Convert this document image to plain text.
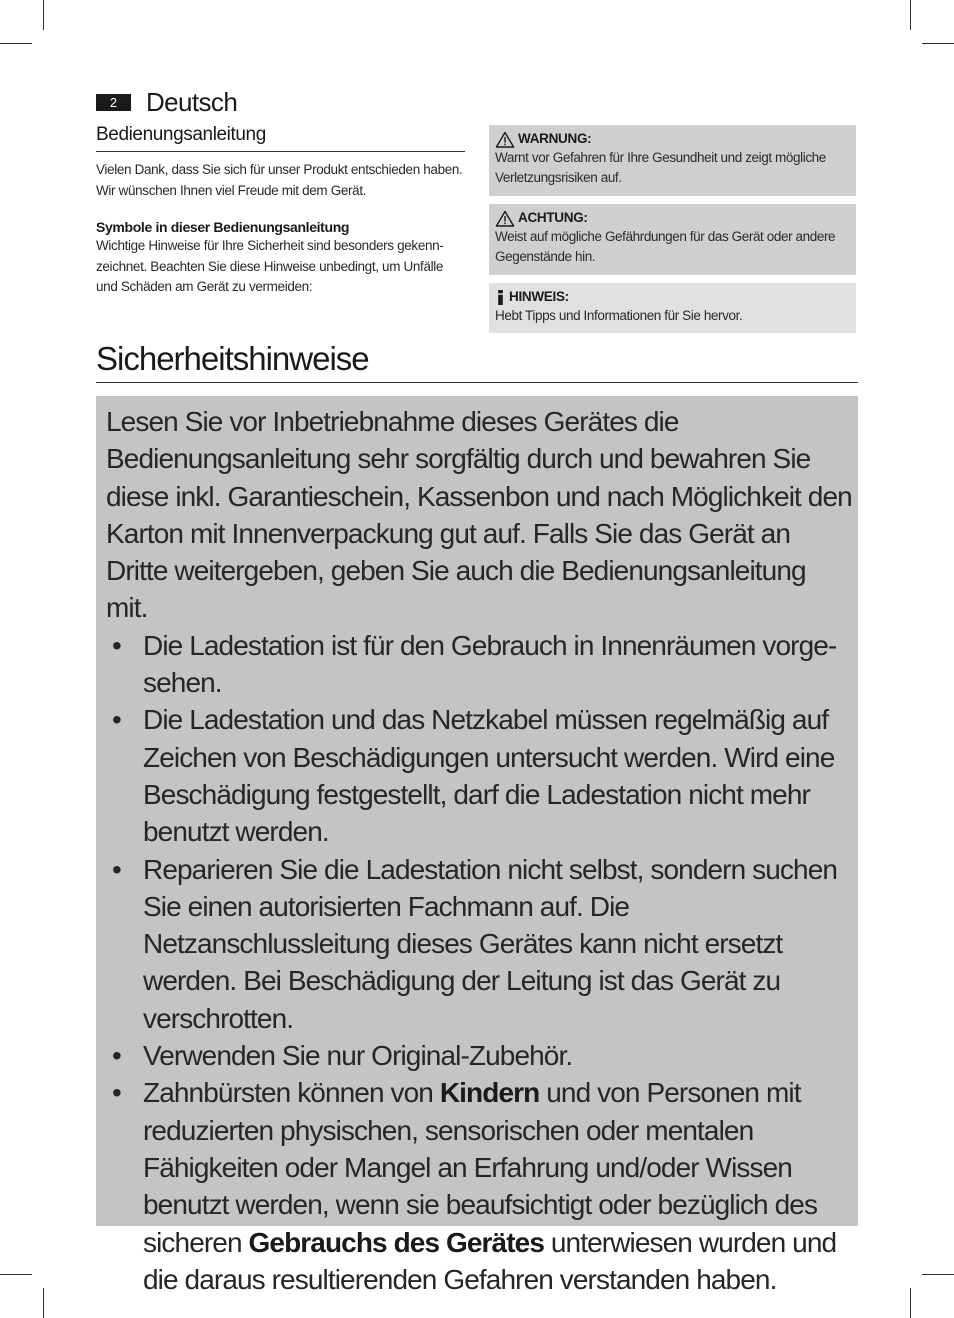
2	Deutsch
Bedienungsanleitung

Vielen Dank, dass Sie sich für unser Produkt entschieden haben. Wir wünschen Ihnen viel Freude mit dem Gerät.

Symbole in dieser Bedienungsanleitung

Wichtige Hinweise für Ihre Sicherheit sind besonders gekennzeichnet. Beachten Sie diese Hinweise unbedingt, um Unfälle und Schäden am Gerät zu vermeiden:

WARNUNG:
Warnt vor Gefahren für Ihre Gesundheit und zeigt mögliche Verletzungsrisiken auf.
ACHTUNG:
Weist auf mögliche Gefährdungen für das Gerät oder andere Gegenstände hin.
HINWEIS:
Hebt Tipps und Informationen für Sie hervor.
Sicherheitshinweise

Lesen Sie vor Inbetriebnahme dieses Gerätes die Bedienungsanleitung sehr sorgfältig durch und bewahren Sie diese inkl. Garantieschein, Kassenbon und nach Möglichkeit den Karton mit Innenverpackung gut auf. Falls Sie das Gerät an Dritte weitergeben, geben Sie auch die Bedienungsanleitung mit.

• Die Ladestation ist für den Gebrauch in Innenräumen vorgesehen.
• Die Ladestation und das Netzkabel müssen regelmäßig auf Zeichen von Beschädigungen untersucht werden. Wird eine Beschädigung festgestellt, darf die Ladestation nicht mehr benutzt werden.
• Reparieren Sie die Ladestation nicht selbst, sondern suchen Sie einen autorisierten Fachmann auf. Die Netzanschlussleitung dieses Gerätes kann nicht ersetzt werden. Bei Beschädigung der Leitung ist das Gerät zu verschrotten.
• Verwenden Sie nur Original-Zubehör.
• Zahnbürsten können von Kindern und von Personen mit reduzierten physischen, sensorischen oder mentalen Fähigkeiten oder Mangel an Erfahrung und/oder Wissen benutzt werden, wenn sie beaufsichtigt oder bezüglich des sicheren Gebrauchs des Gerätes unterwiesen wurden und die daraus resultierenden Gefahren verstanden haben.
